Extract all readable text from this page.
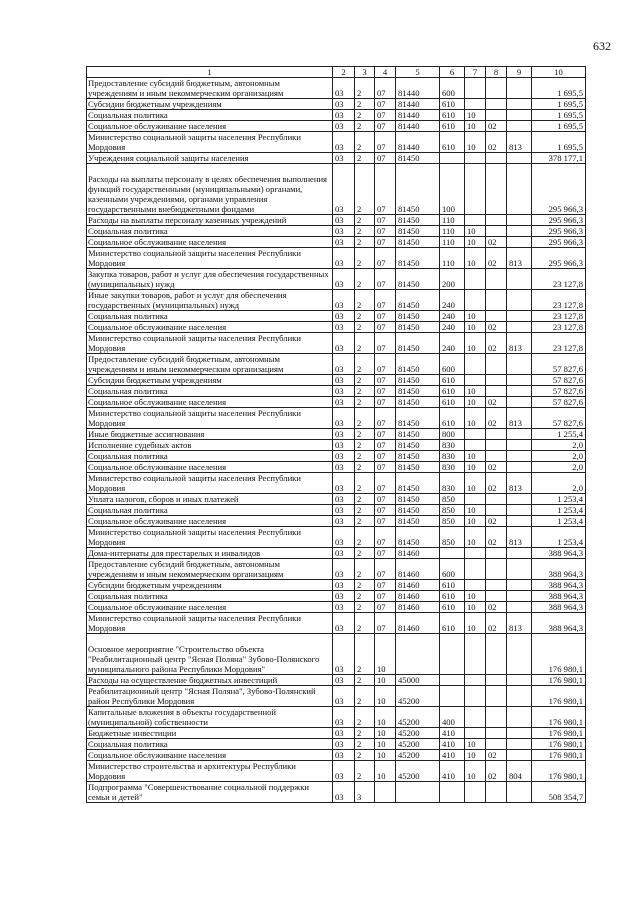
632
1	2	3	4	5	6	7	8	9	10
Предоставление субсидий бюджетным, автономным учреждениям и иным некоммерческим организациям	03	2	07	81440	600				1 695,5
Субсидии бюджетным учреждениям	03	2	07	81440	610				1 695,5
Социальная политика	03	2	07	81440	610	10			1 695,5
Социальное обслуживание населения	03	2	07	81440	610	10	02		1 695,5
Министерство социальной защиты населения Республики Мордовия	03	2	07	81440	610	10	02	813	1 695,5
Учреждения социальной защиты населения	03	2	07	81450					378 177,1
Расходы на выплаты персоналу в целях обеспечения выполнения функций государственными (муниципальными) органами, казенными учреждениями, органами управления государственными внебюджетными фондами	03	2	07	81450	100				295 966,3
Расходы на выплаты персоналу казенных учреждений	03	2	07	81450	110				295 966,3
Социальная политика	03	2	07	81450	110	10			295 966,3
Социальное обслуживание населения	03	2	07	81450	110	10	02		295 966,3
Министерство социальной защиты населения Республики Мордовия	03	2	07	81450	110	10	02	813	295 966,3
Закупка товаров, работ и услуг для обеспечения государственных (муниципальных) нужд	03	2	07	81450	200				23 127,8
Иные закупки товаров, работ и услуг для обеспечения государственных (муниципальных) нужд	03	2	07	81450	240				23 127,8
Социальная политика	03	2	07	81450	240	10			23 127,8
Социальное обслуживание населения	03	2	07	81450	240	10	02		23 127,8
Министерство социальной защиты населения Республики Мордовия	03	2	07	81450	240	10	02	813	23 127,8
Предоставление субсидий бюджетным, автономным учреждениям и иным некоммерческим организациям	03	2	07	81450	600				57 827,6
Субсидии бюджетным учреждениям	03	2	07	81450	610				57 827,6
Социальная политика	03	2	07	81450	610	10			57 827,6
Социальное обслуживание населения	03	2	07	81450	610	10	02		57 827,6
Министерство социальной защиты населения Республики Мордовия	03	2	07	81450	610	10	02	813	57 827,6
Иные бюджетные ассигнования	03	2	07	81450	800				1 255,4
Исполнение судебных актов	03	2	07	81450	830				2,0
Социальная политика	03	2	07	81450	830	10			2,0
Социальное обслуживание населения	03	2	07	81450	830	10	02		2,0
Министерство социальной защиты населения Республики Мордовия	03	2	07	81450	830	10	02	813	2,0
Уплата налогов, сборов и иных платежей	03	2	07	81450	850				1 253,4
Социальная политика	03	2	07	81450	850	10			1 253,4
Социальное обслуживание населения	03	2	07	81450	850	10	02		1 253,4
Министерство социальной защиты населения Республики Мордовия	03	2	07	81450	850	10	02	813	1 253,4
Дома-интернаты для престарелых и инвалидов	03	2	07	81460					388 964,3
Предоставление субсидий бюджетным, автономным учреждениям и иным некоммерческим организациям	03	2	07	81460	600				388 964,3
Субсидии бюджетным учреждениям	03	2	07	81460	610				388 964,3
Социальная политика	03	2	07	81460	610	10			388 964,3
Социальное обслуживание населения	03	2	07	81460	610	10	02		388 964,3
Министерство социальной защиты населения Республики Мордовия	03	2	07	81460	610	10	02	813	388 964,3
Основное мероприятие "Строительство объекта "Реабилитационный центр "Ясная Поляна" Зубово-Полянского муниципального района Республики Мордовия"	03	2	10						176 980,1
Расходы на осуществление бюджетных инвестиций	03	2	10	45000					176 980,1
Реабилитационный центр "Ясная Поляна", Зубово-Полянский район Республики Мордовия	03	2	10	45200					176 980,1
Капитальные вложения в объекты государственной (муниципальной) собственности	03	2	10	45200	400				176 980,1
Бюджетные инвестиции	03	2	10	45200	410				176 980,1
Социальная политика	03	2	10	45200	410	10			176 980,1
Социальное обслуживание населения	03	2	10	45200	410	10	02		176 980,1
Министерство строительства и архитектуры Республики Мордовия	03	2	10	45200	410	10	02	804	176 980,1
Подпрограмма "Совершенствование социальной поддержки семьи и детей"	03	3							508 354,7
